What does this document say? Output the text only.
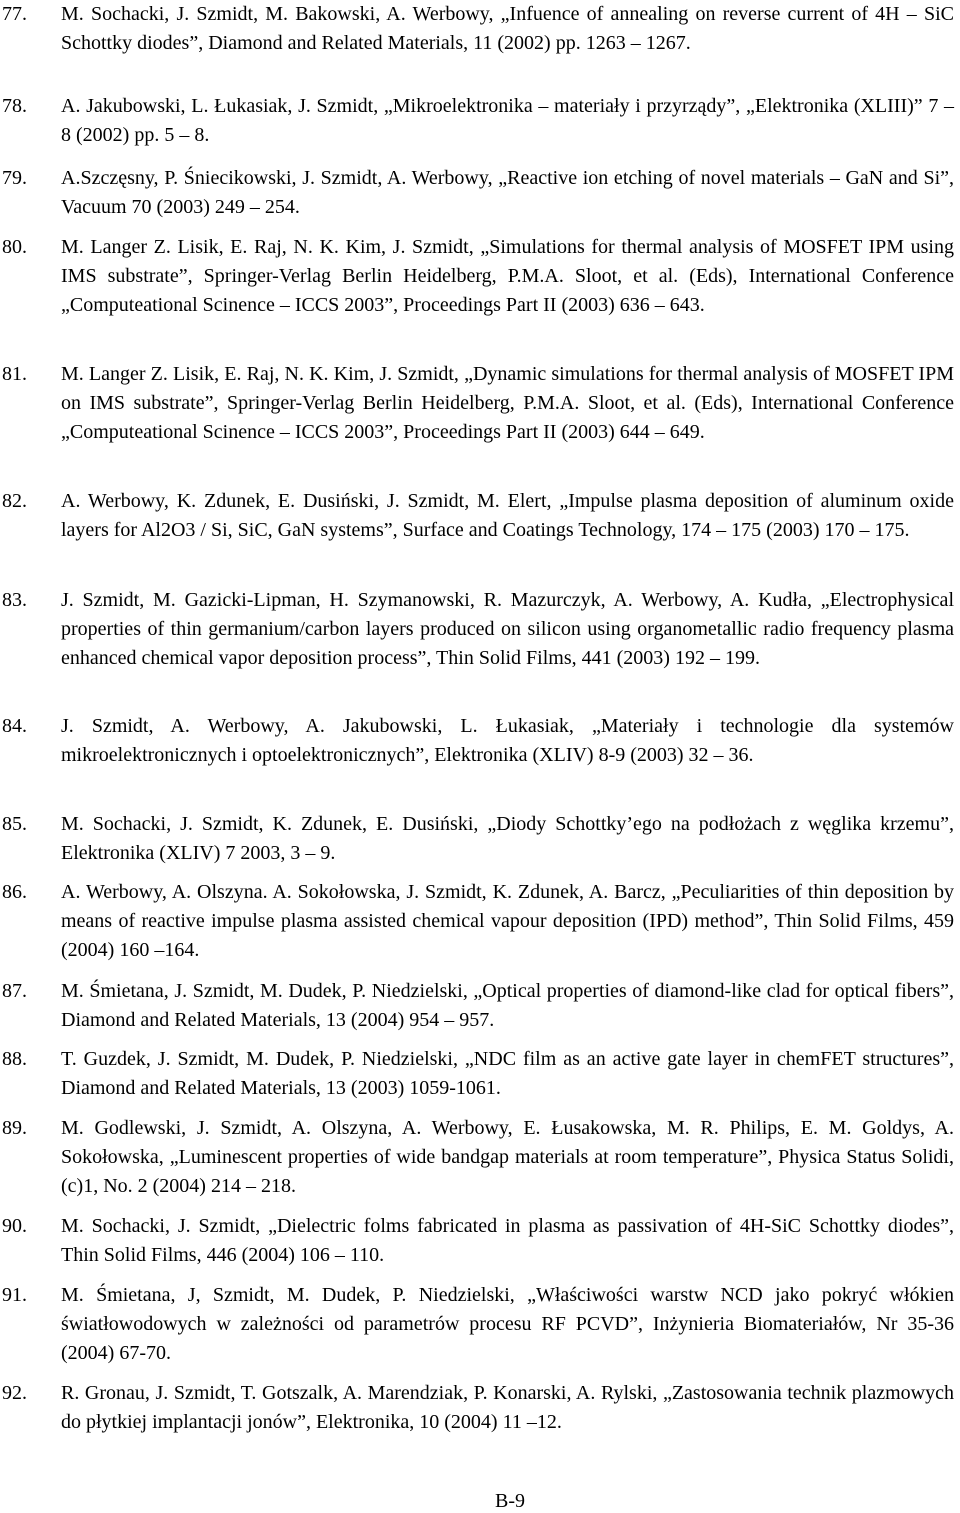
77. M. Sochacki, J. Szmidt, M. Bakowski, A. Werbowy, „Infuence of annealing on reverse current of 4H – SiC Schottky diodes”, Diamond and Related Materials, 11 (2002) pp. 1263 – 1267.
78. A. Jakubowski, L. Łukasiak, J. Szmidt, „Mikroelektronika – materiały i przyrządy”, „Elektronika (XLIII)” 7 – 8 (2002) pp. 5 – 8.
79. A.Szczęsny, P. Śniecikowski, J. Szmidt, A. Werbowy, „Reactive ion etching of novel materials – GaN and Si”, Vacuum 70 (2003) 249 – 254.
80. M. Langer Z. Lisik, E. Raj, N. K. Kim, J. Szmidt, „Simulations for thermal analysis of MOSFET IPM using IMS substrate”, Springer-Verlag Berlin Heidelberg, P.M.A. Sloot, et al. (Eds), International Conference „Computeational Scinence – ICCS 2003”, Proceedings Part II (2003) 636 – 643.
81. M. Langer Z. Lisik, E. Raj, N. K. Kim, J. Szmidt, „Dynamic simulations for thermal analysis of MOSFET IPM on IMS substrate”, Springer-Verlag Berlin Heidelberg, P.M.A. Sloot, et al. (Eds), International Conference „Computeational Scinence – ICCS 2003”, Proceedings Part II (2003) 644 – 649.
82. A. Werbowy, K. Zdunek, E. Dusiński, J. Szmidt, M. Elert, „Impulse plasma deposition of aluminum oxide layers for Al2O3 / Si, SiC, GaN systems”, Surface and Coatings Technology, 174 – 175 (2003) 170 – 175.
83. J. Szmidt, M. Gazicki-Lipman, H. Szymanowski, R. Mazurczyk, A. Werbowy, A. Kudła, „Electrophysical properties of thin germanium/carbon layers produced on silicon using organometallic radio frequency plasma enhanced chemical vapor deposition process”, Thin Solid Films, 441 (2003) 192 – 199.
84. J. Szmidt, A. Werbowy, A. Jakubowski, L. Łukasiak, „Materiały i technologie dla systemów mikroelektronicznych i optoelektronicznych”, Elektronika (XLIV) 8-9 (2003) 32 – 36.
85. M. Sochacki, J. Szmidt, K. Zdunek, E. Dusiński, „Diody Schottky’ego na podłożach z węglika krzemu”, Elektronika (XLIV) 7 2003, 3 – 9.
86. A. Werbowy, A. Olszyna. A. Sokołowska, J. Szmidt, K. Zdunek, A. Barcz, „Peculiarities of thin deposition by means of reactive impulse plasma assisted chemical vapour deposition (IPD) method”, Thin Solid Films, 459 (2004) 160 –164.
87. M. Śmietana, J. Szmidt, M. Dudek, P. Niedzielski, „Optical properties of diamond-like clad for optical fibers”, Diamond and Related Materials, 13 (2004) 954 – 957.
88. T. Guzdek, J. Szmidt, M. Dudek, P. Niedzielski, „NDC film as an active gate layer in chemFET structures”, Diamond and Related Materials, 13 (2003) 1059-1061.
89. M. Godlewski, J. Szmidt, A. Olszyna, A. Werbowy, E. Łusakowska, M. R. Philips, E. M. Goldys, A. Sokołowska, „Luminescent properties of wide bandgap materials at room temperature”, Physica Status Solidi, (c)1, No. 2 (2004) 214 – 218.
90. M. Sochacki, J. Szmidt, „Dielectric folms fabricated in plasma as passivation of 4H-SiC Schottky diodes”, Thin Solid Films, 446 (2004) 106 – 110.
91. M. Śmietana, J, Szmidt, M. Dudek, P. Niedzielski, „Właściwości warstw NCD jako pokryć włókien światłowodowych w zależności od parametrów procesu RF PCVD”, Inżynieria Biomateriałów, Nr 35-36 (2004) 67-70.
92. R. Gronau, J. Szmidt, T. Gotszalk, A. Marendziak, P. Konarski, A. Rylski, „Zastosowania technik plazmowych do płytkiej implantacji jonów”, Elektronika, 10 (2004) 11 –12.
B-9
